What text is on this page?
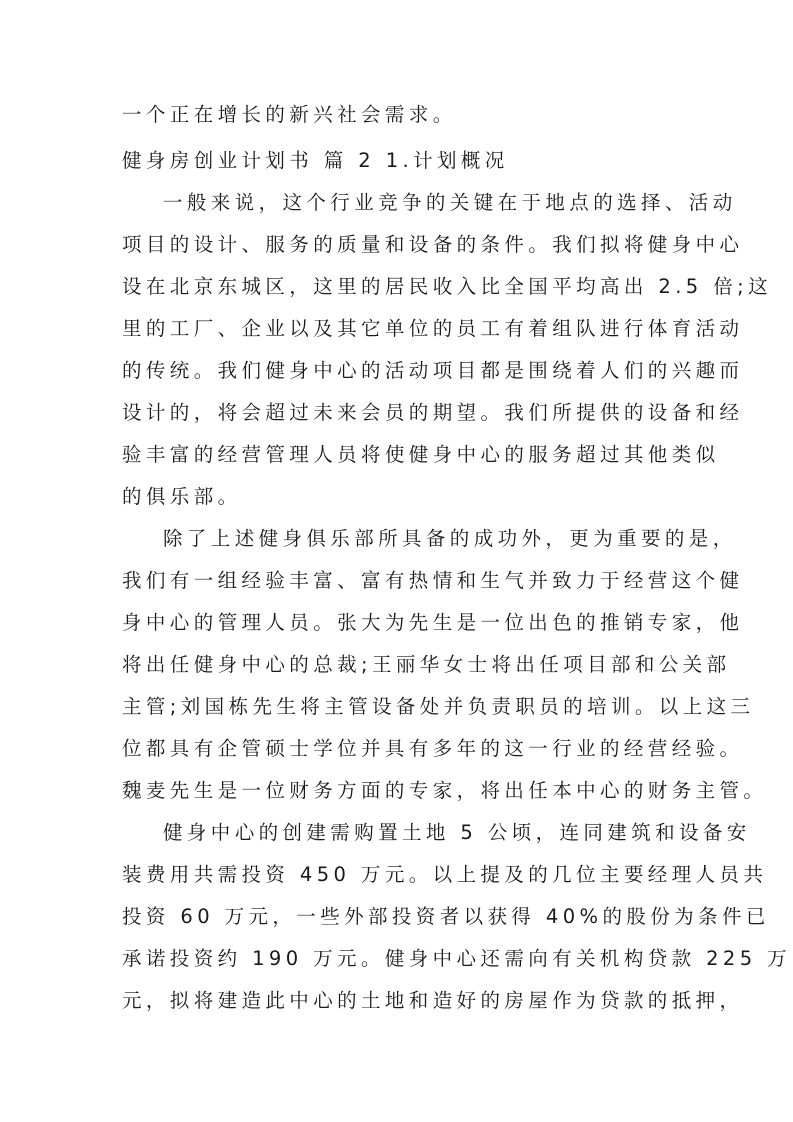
一个正在增长的新兴社会需求。
健身房创业计划书 篇 2 1.计划概况
一般来说，这个行业竞争的关键在于地点的选择、活动
项目的设计、服务的质量和设备的条件。我们拟将健身中心
设在北京东城区，这里的居民收入比全国平均高出 2.5 倍;这
里的工厂、企业以及其它单位的员工有着组队进行体育活动
的传统。我们健身中心的活动项目都是围绕着人们的兴趣而
设计的，将会超过未来会员的期望。我们所提供的设备和经
验丰富的经营管理人员将使健身中心的服务超过其他类似
的俱乐部。
除了上述健身俱乐部所具备的成功外，更为重要的是，
我们有一组经验丰富、富有热情和生气并致力于经营这个健
身中心的管理人员。张大为先生是一位出色的推销专家，他
将出任健身中心的总裁;王丽华女士将出任项目部和公关部
主管;刘国栋先生将主管设备处并负责职员的培训。以上这三
位都具有企管硕士学位并具有多年的这一行业的经营经验。
魏麦先生是一位财务方面的专家，将出任本中心的财务主管。
健身中心的创建需购置土地 5 公顷，连同建筑和设备安
装费用共需投资 450 万元。以上提及的几位主要经理人员共
投资 60 万元，一些外部投资者以获得 40%的股份为条件已
承诺投资约 190 万元。健身中心还需向有关机构贷款 225 万
元，拟将建造此中心的土地和造好的房屋作为贷款的抵押，
